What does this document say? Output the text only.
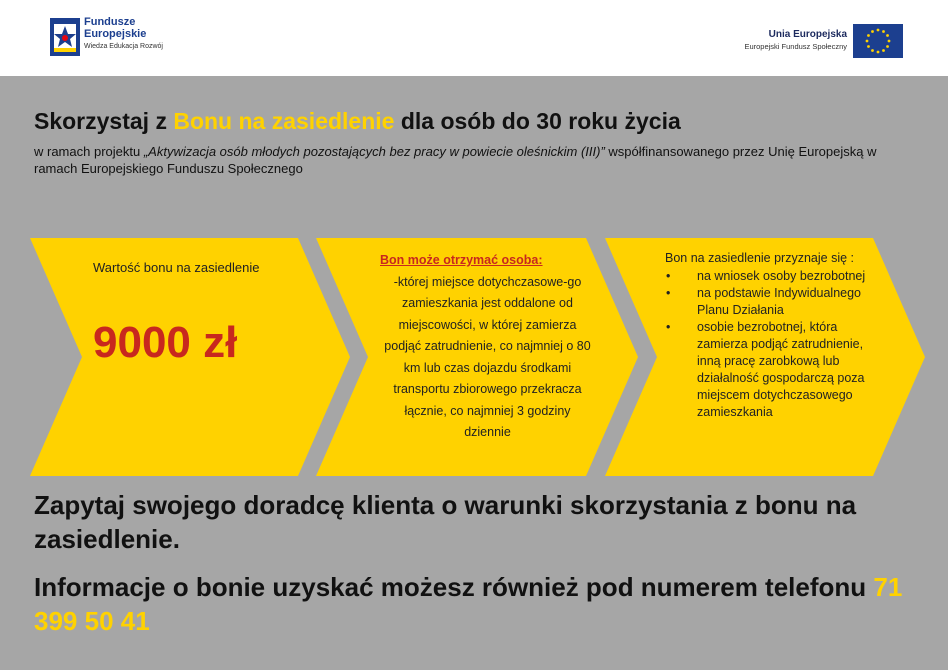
Fundusze
Europejskie
Wiedza Edukacja Rozwój
Unia Europejska
Europejski Fundusz Społeczny
Skorzystaj z Bonu na zasiedlenie dla osób do 30 roku życia
w ramach projektu „Aktywizacja osób młodych pozostających bez pracy w powiecie oleśnickim (III)” współfinansowanego przez Unię Europejską w ramach Europejskiego Funduszu Społecznego
Wartość bonu na zasiedlenie
9000 zł
Bon może otrzymać osoba:
-której miejsce dotychczasowe-go zamieszkania jest oddalone od miejscowości, w której zamierza podjąć zatrudnienie, co najmniej o 80 km lub czas dojazdu środkami transportu zbiorowego przekracza łącznie, co najmniej 3 godziny dziennie
Bon na zasiedlenie przyznaje się :
• na wniosek osoby bezrobotnej
• na podstawie Indywidualnego Planu Działania
• osobie bezrobotnej, która zamierza podjąć zatrudnienie, inną pracę zarobkową lub działalność gospodarczą poza miejscem dotychczasowego zamieszkania
Zapytaj swojego doradcę klienta o warunki skorzystania z bonu na zasiedlenie.
Informacje o bonie uzyskać możesz również pod numerem telefonu 71 399 50 41
